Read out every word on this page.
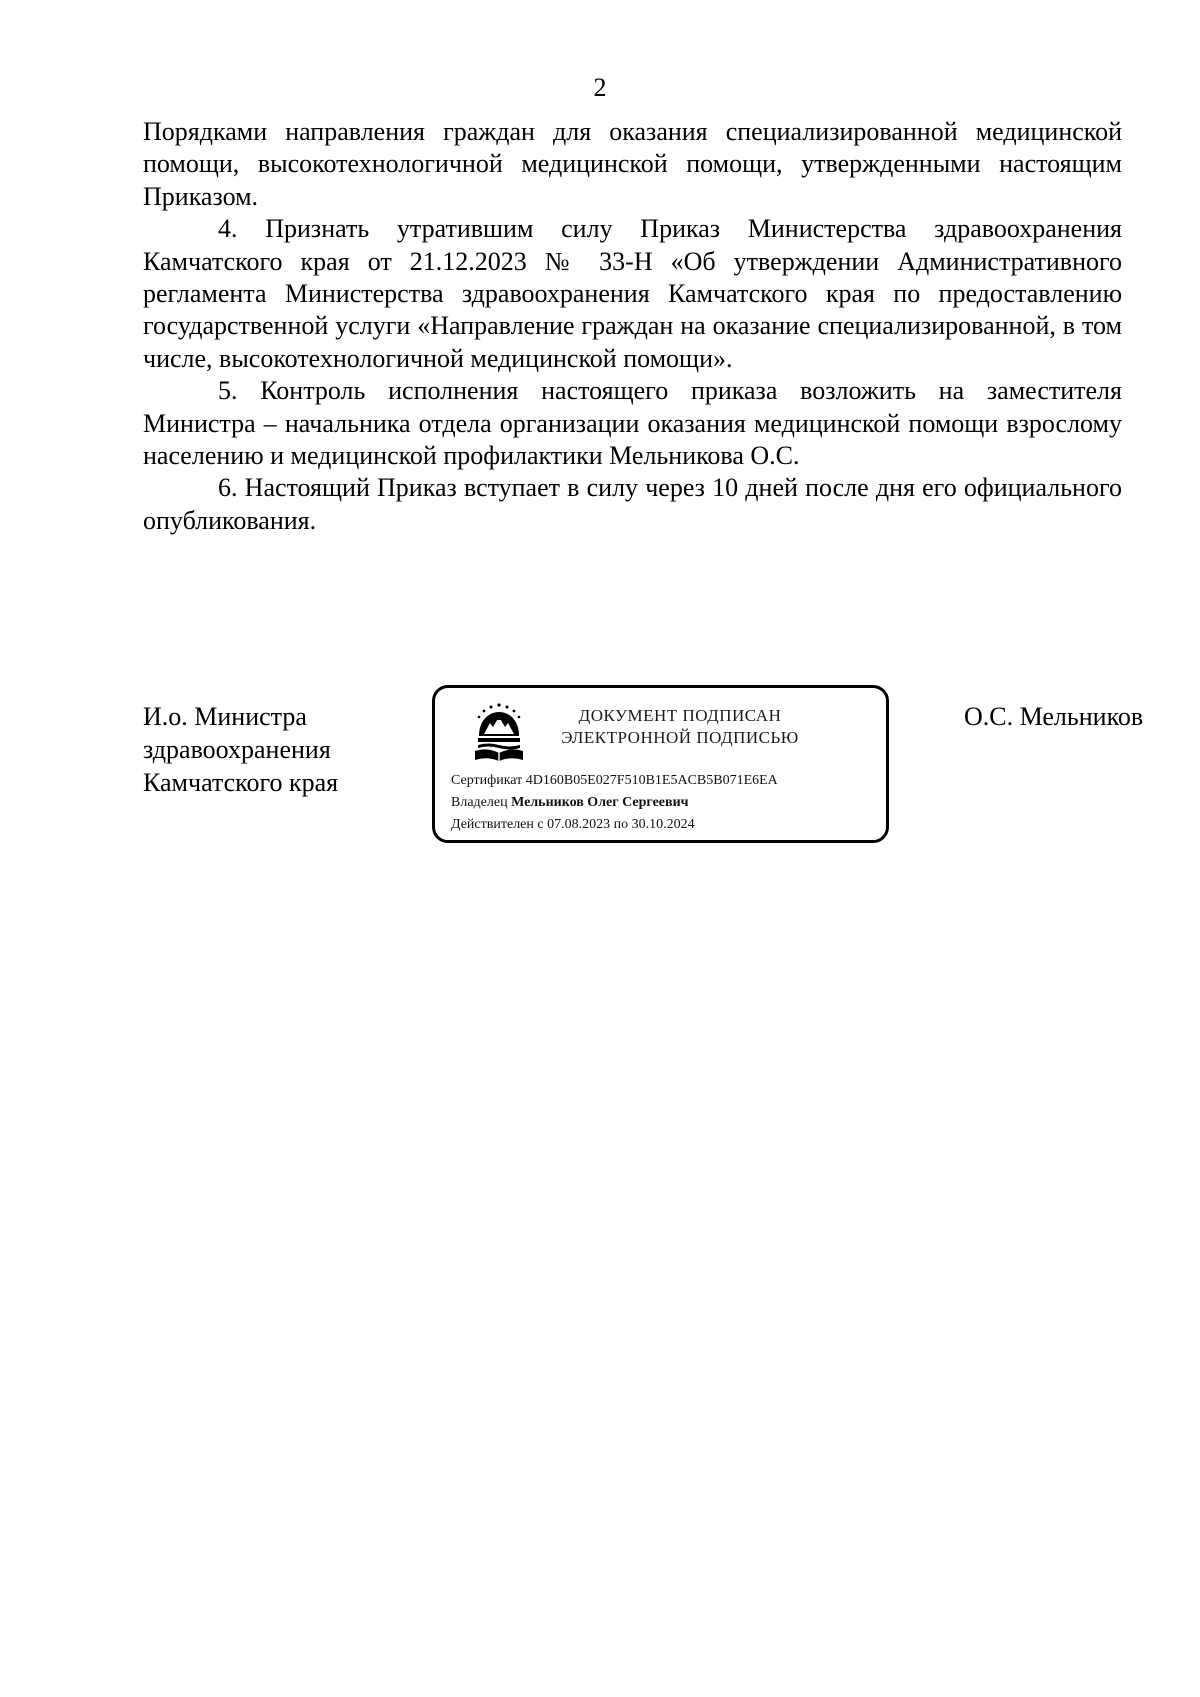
2

Порядками направления граждан для оказания специализированной медицинской помощи, высокотехнологичной медицинской помощи, утвержденными настоящим Приказом.

4. Признать утратившим силу Приказ Министерства здравоохранения Камчатского края от 21.12.2023 № 33-Н «Об утверждении Административного регламента Министерства здравоохранения Камчатского края по предоставлению государственной услуги «Направление граждан на оказание специализированной, в том числе, высокотехнологичной медицинской помощи».

5. Контроль исполнения настоящего приказа возложить на заместителя Министра – начальника отдела организации оказания медицинской помощи взрослому населению и медицинской профилактики Мельникова О.С.

6. Настоящий Приказ вступает в силу через 10 дней после дня его официального опубликования.

И.о. Министра
здравоохранения
Камчатского края
ДОКУМЕНТ ПОДПИСАН
ЭЛЕКТРОННОЙ ПОДПИСЬЮ
Сертификат 4D160B05E027F510B1E5ACB5B071E6EA
Владелец Мельников Олег Сергеевич
Действителен с 07.08.2023 по 30.10.2024
О.С. Мельников
